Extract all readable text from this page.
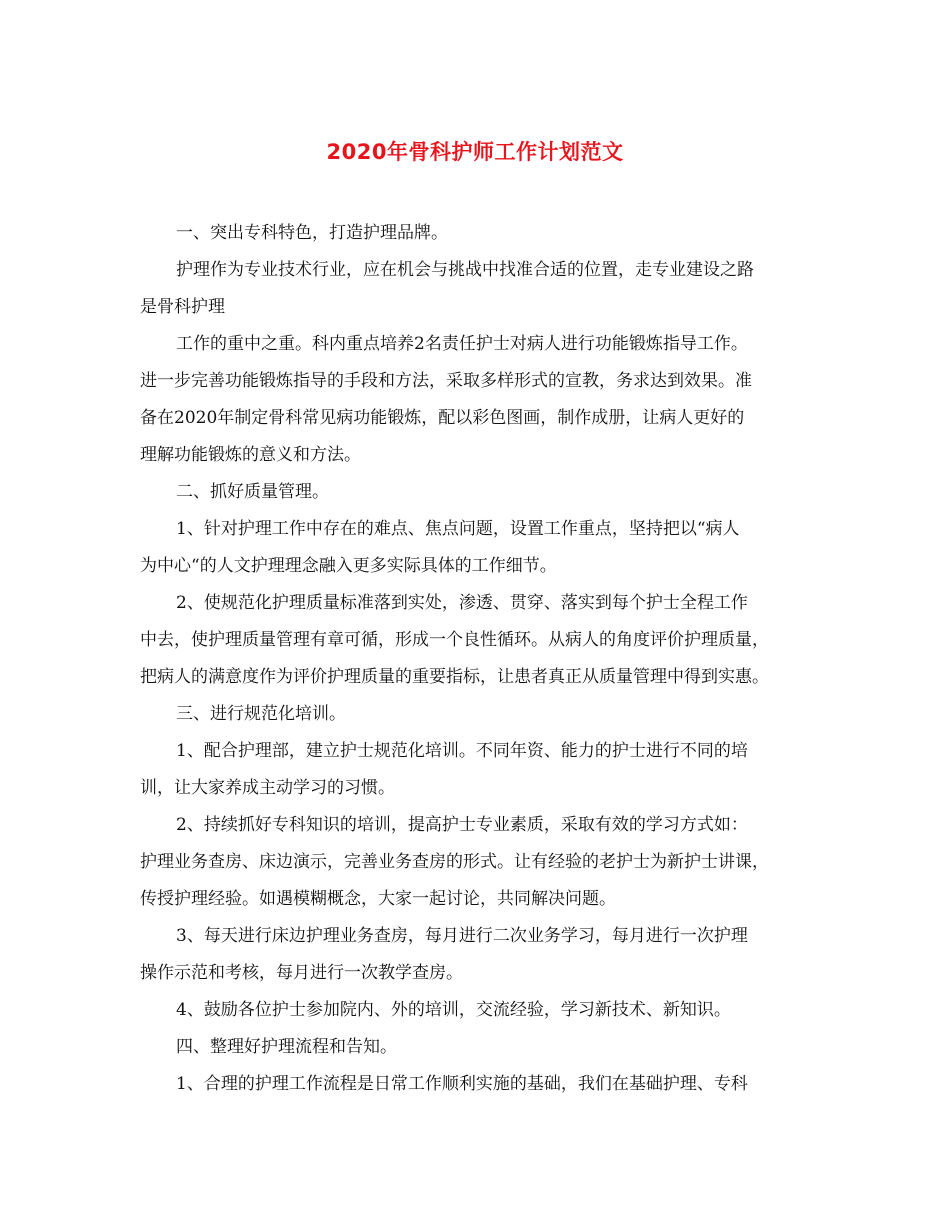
2020年骨科护师工作计划范文

一、突出专科特色，打造护理品牌。

护理作为专业技术行业，应在机会与挑战中找准合适的位置，走专业建设之路

是骨科护理

工作的重中之重。科内重点培养2名责任护士对病人进行功能锻炼指导工作。

进一步完善功能锻炼指导的手段和方法，采取多样形式的宣教，务求达到效果。准

备在2020年制定骨科常见病功能锻炼，配以彩色图画，制作成册，让病人更好的

理解功能锻炼的意义和方法。

二、抓好质量管理。

1、针对护理工作中存在的难点、焦点问题，设置工作重点，坚持把以“病人

为中心“的人文护理理念融入更多实际具体的工作细节。

2、使规范化护理质量标准落到实处，渗透、贯穿、落实到每个护士全程工作

中去，使护理质量管理有章可循，形成一个良性循环。从病人的角度评价护理质量，

把病人的满意度作为评价护理质量的重要指标，让患者真正从质量管理中得到实惠。

三、进行规范化培训。

1、配合护理部，建立护士规范化培训。不同年资、能力的护士进行不同的培

训，让大家养成主动学习的习惯。

2、持续抓好专科知识的培训，提高护士专业素质，采取有效的学习方式如：

护理业务查房、床边演示，完善业务查房的形式。让有经验的老护士为新护士讲课，

传授护理经验。如遇模糊概念，大家一起讨论，共同解决问题。

3、每天进行床边护理业务查房，每月进行二次业务学习，每月进行一次护理

操作示范和考核，每月进行一次教学查房。

4、鼓励各位护士参加院内、外的培训，交流经验，学习新技术、新知识。

四、整理好护理流程和告知。

1、合理的护理工作流程是日常工作顺利实施的基础，我们在基础护理、专科
